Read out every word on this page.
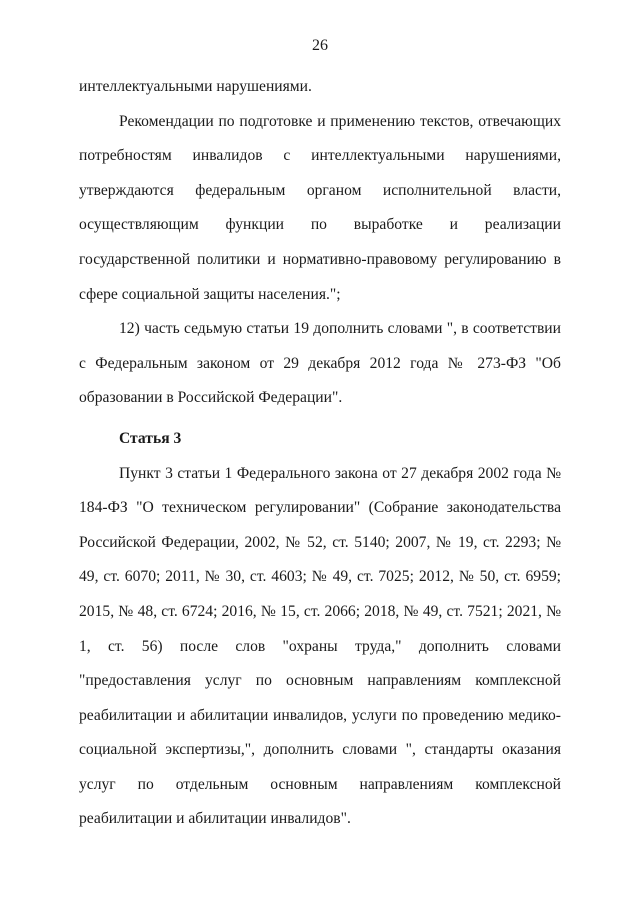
26

интеллектуальными нарушениями.

Рекомендации по подготовке и применению текстов, отвечающих потребностям инвалидов с интеллектуальными нарушениями, утверждаются федеральным органом исполнительной власти, осуществляющим функции по выработке и реализации государственной политики и нормативно-правовому регулированию в сфере социальной защиты населения.";

12) часть седьмую статьи 19 дополнить словами ", в соответствии с Федеральным законом от 29 декабря 2012 года № 273-ФЗ "Об образовании в Российской Федерации".

Статья 3

Пункт 3 статьи 1 Федерального закона от 27 декабря 2002 года № 184-ФЗ "О техническом регулировании" (Собрание законодательства Российской Федерации, 2002, № 52, ст. 5140; 2007, № 19, ст. 2293; № 49, ст. 6070; 2011, № 30, ст. 4603; № 49, ст. 7025; 2012, № 50, ст. 6959; 2015, № 48, ст. 6724; 2016, № 15, ст. 2066; 2018, № 49, ст. 7521; 2021, № 1, ст. 56) после слов "охраны труда," дополнить словами "предоставления услуг по основным направлениям комплексной реабилитации и абилитации инвалидов, услуги по проведению медико-социальной экспертизы,", дополнить словами ", стандарты оказания услуг по отдельным основным направлениям комплексной реабилитации и абилитации инвалидов".
